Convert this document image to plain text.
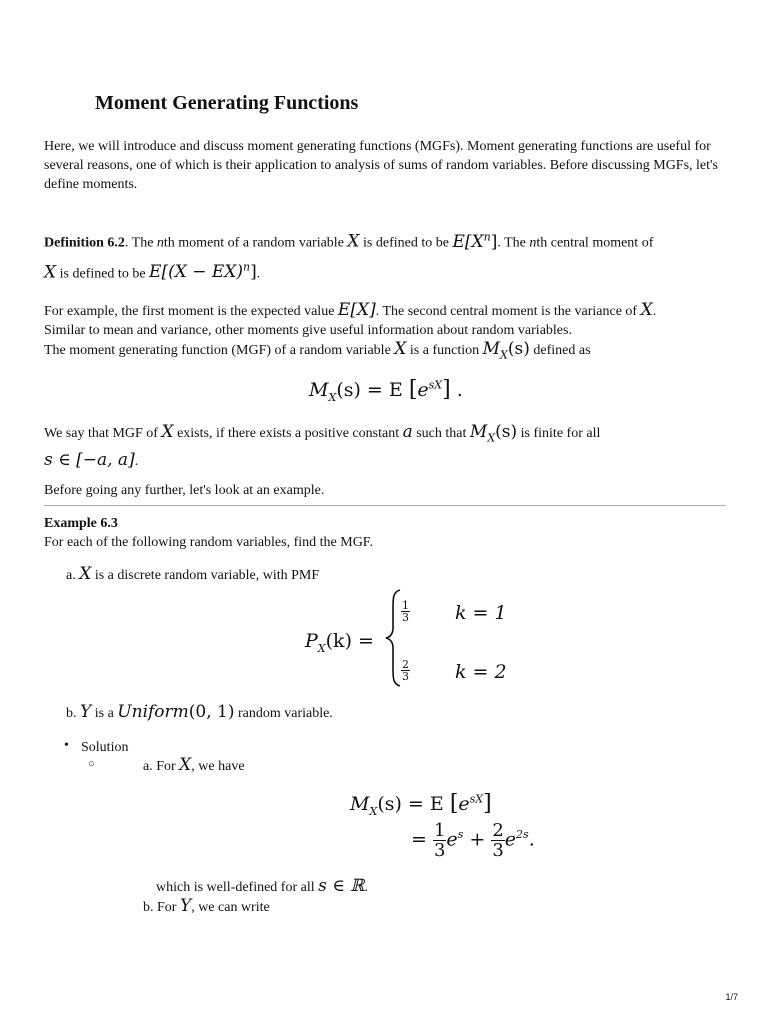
Moment Generating Functions
Here, we will introduce and discuss moment generating functions (MGFs). Moment generating functions are useful for several reasons, one of which is their application to analysis of sums of random variables. Before discussing MGFs, let's define moments.
Definition 6.2. The nth moment of a random variable X is defined to be $E[X^n]$. The nth central moment of
X is defined to be E[(X − EX)$^n$].
For example, the first moment is the expected value E[X]. The second central moment is the variance of X.
Similar to mean and variance, other moments give useful information about random variables.
The moment generating function (MGF) of a random variable X is a function $M_X(s)$ defined as
$M_X(s) = E$ $[e^{sX}]$ .
We say that MGF of X exists, if there exists a positive constant a such that $M_X(s)$ is finite for all
s ∈ [−a, a].
Before going any further, let's look at an example.
Example 6.3
For each of the following random variables, find the MGF.
a. X is a discrete random variable, with PMF
$P_X(k)$ =
$\frac{1}{3}$ k = 1
$\frac{2}{3}$ k = 2
b. Y is a Uniform(0, 1) random variable.
• Solution
○	a. For X, we have
$M_X(s) = E$ $[e^{sX}]$
= $\frac{1}{3} e^s + \frac{2}{3} e^{2s}$.
which is well-defined for all s ∈ ℝ.
b. For Y, we can write
1/7
